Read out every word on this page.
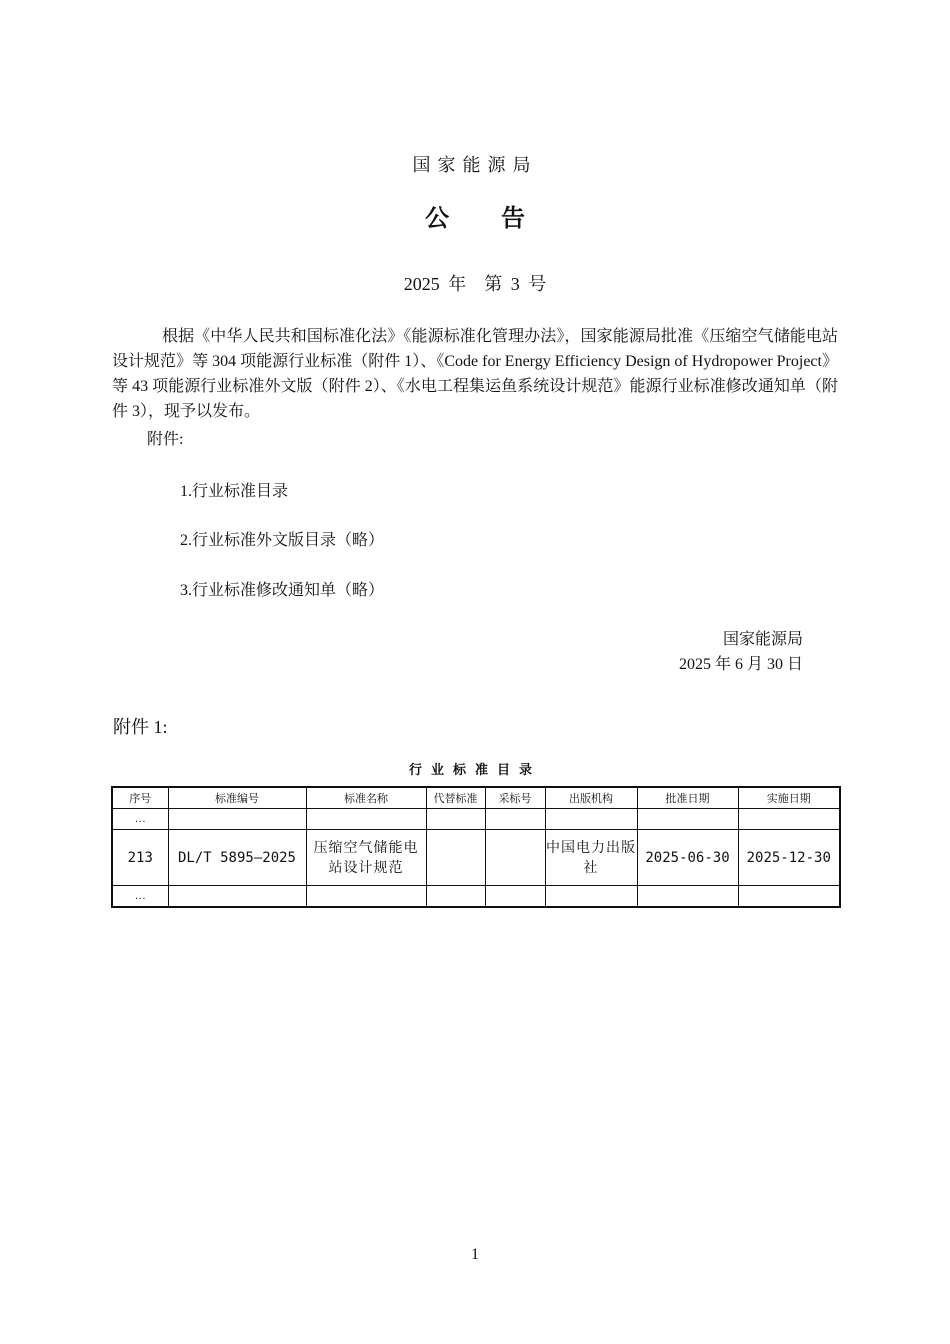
国家能源局
公告
2025 年　第 3 号
根据《中华人民共和国标准化法》《能源标准化管理办法》，国家能源局批准《压缩空气储能电站设计规范》等 304 项能源行业标准（附件 1）、《Code for Energy Efficiency Design of Hydropower Project》等 43 项能源行业标准外文版（附件 2）、《水电工程集运鱼系统设计规范》能源行业标准修改通知单（附件 3），现予以发布。
附件:
1.行业标准目录
2.行业标准外文版目录（略）
3.行业标准修改通知单（略）
国家能源局
2025 年 6 月 30 日
附件 1:
行业标准目录
序号	标准编号	标准名称	代替标准	采标号	出版机构	批准日期	实施日期
…							
213	DL/T 5895—2025	压缩空气储能电站设计规范			中国电力出版社	2025-06-30	2025-12-30
…							
1
